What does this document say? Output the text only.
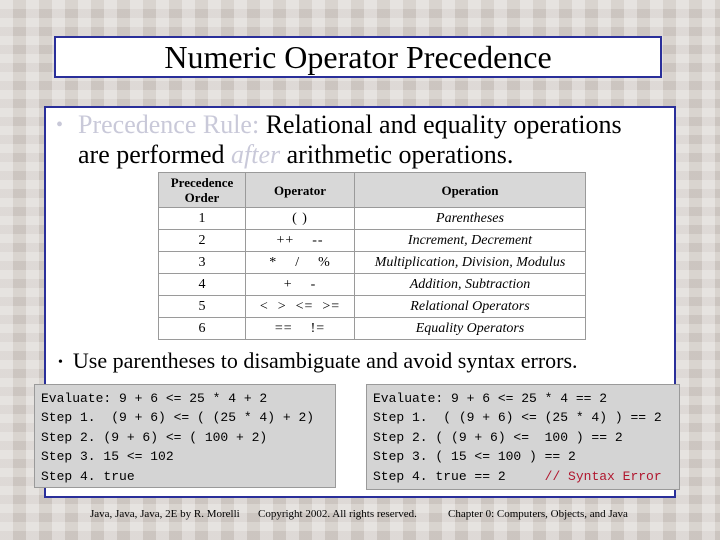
Numeric Operator Precedence
• Precedence Rule: Relational and equality operations
are performed after arithmetic operations.
Precedence Order	Operator	Operation
1	( )	Parentheses
2	++    --	Increment, Decrement
3	*    /    %	Multiplication, Division, Modulus
4	+    -	Addition, Subtraction
5	<  >  <=  >=	Relational Operators
6	==    !=	Equality Operators
• Use parentheses to disambiguate and avoid syntax errors.
Evaluate: 9 + 6 <= 25 * 4 + 2
Step 1.  (9 + 6) <= ( (25 * 4) + 2)
Step 2. (9 + 6) <= ( 100 + 2)
Step 3. 15 <= 102
Step 4. true
Evaluate: 9 + 6 <= 25 * 4 == 2
Step 1.  ( (9 + 6) <= (25 * 4) ) == 2
Step 2. ( (9 + 6) <=  100 ) == 2
Step 3. ( 15 <= 100 ) == 2
Step 4. true == 2	// Syntax Error
Java, Java, Java, 2E by R. Morelli Copyright 2002. All rights reserved.	Chapter 0: Computers, Objects, and Java
